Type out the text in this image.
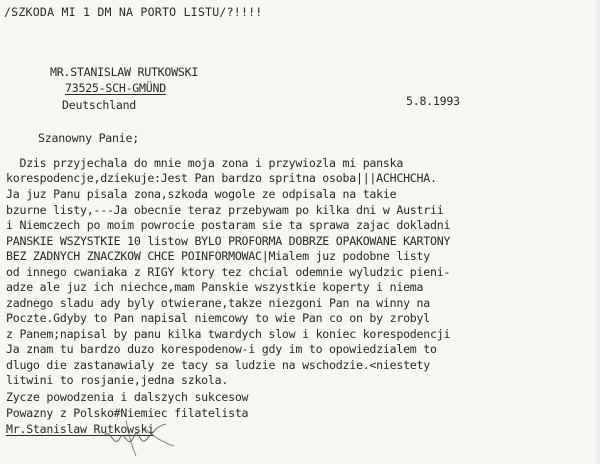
/SZKODA MI 1 DM NA PORTO LISTU/?!!!!
MR.STANISLAW RUTKOWSKI
73525-SCH-GMÜND
Deutschland	5.8.1993
Szanowny Panie;
Dzis przyjechala do mnie moja zona i przywiozla mi panska
korespodencje,dziekuje:Jest Pan bardzo spritna osoba|||ACHCHCHA.
Ja juz Panu pisala zona,szkoda wogole ze odpisala na takie
bzurne listy,---Ja obecnie teraz przebywam po kilka dni w Austrii
i Niemczech po moim powrocie postaram sie ta sprawa zajac dokladni
PANSKIE WSZYSTKIE 10 listow BYLO PROFORMA DOBRZE OPAKOWANE KARTONY
BEZ ZADNYCH ZNACZKOW CHCE POINFORMOWAC|Mialem juz podobne listy
od innego cwaniaka z RIGY ktory tez chcial odemnie wyludzic pieni-
adze ale juz ich niechce,mam Panskie wszystkie koperty i niema
zadnego sladu ady byly otwierane,takze niezgoni Pan na winny na
Poczte.Gdyby to Pan napisal niemcowy to wie Pan co on by zrobyl
z Panem;napisal by panu kilka twardych slow i koniec korespodencji
Ja znam tu bardzo duzo korespodenow-i gdy im to opowiedzialem to
dlugo die zastanawialy ze tacy sa ludzie na wschodzie.<niestety
litwini to rosjanie,jedna szkola.
Zycze powodzenia i dalszych sukcesow
Powazny z Polsko#Niemiec filatelista
Mr.Stanislaw Rutkowski
